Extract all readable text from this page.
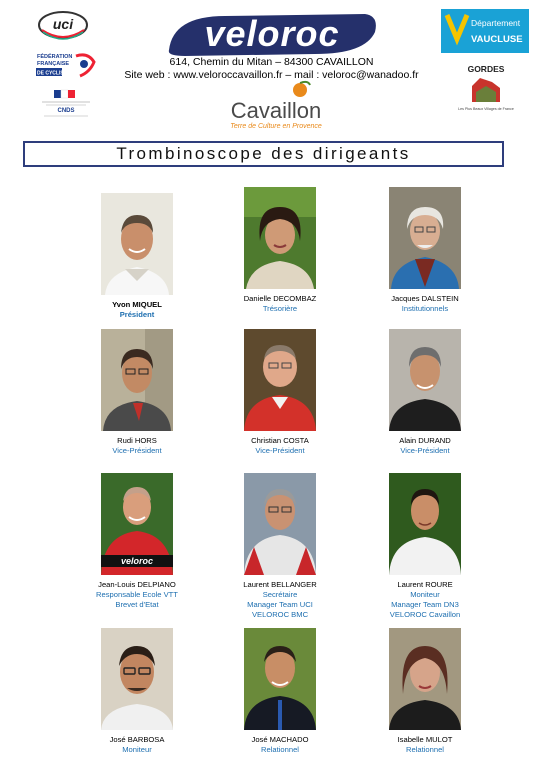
uci
FÉDÉRATION
FRANÇAISE
DE CYCLISME
CNDS
veloroc	Département
VAUCLUSE
GORDES
Les Plus Beaux Villages de France
Cavaillon
Terre de Culture en Provence
614, Chemin du Mitan – 84300 CAVAILLON
Site web : www.veloroccavaillon.fr – mail : veloroc@wanadoo.fr
Trombinoscope des dirigeants
Yvon MIQUEL
Président
Danielle DECOMBAZ
Trésorière
Jacques DALSTEIN
Institutionnels
Rudi HORS
Vice-Président
Christian COSTA
Vice-Président
Alain DURAND
Vice-Président
veloroc
Jean-Louis DELPIANO
Responsable Ecole VTT
Brevet d'Etat
Laurent BELLANGER
Secrétaire
Manager Team UCI
VELOROC BMC
Laurent ROURE
Moniteur
Manager Team DN3
VELOROC Cavaillon
José BARBOSA
Moniteur
José MACHADO
Relationnel
Isabelle MULOT
Relationnel
